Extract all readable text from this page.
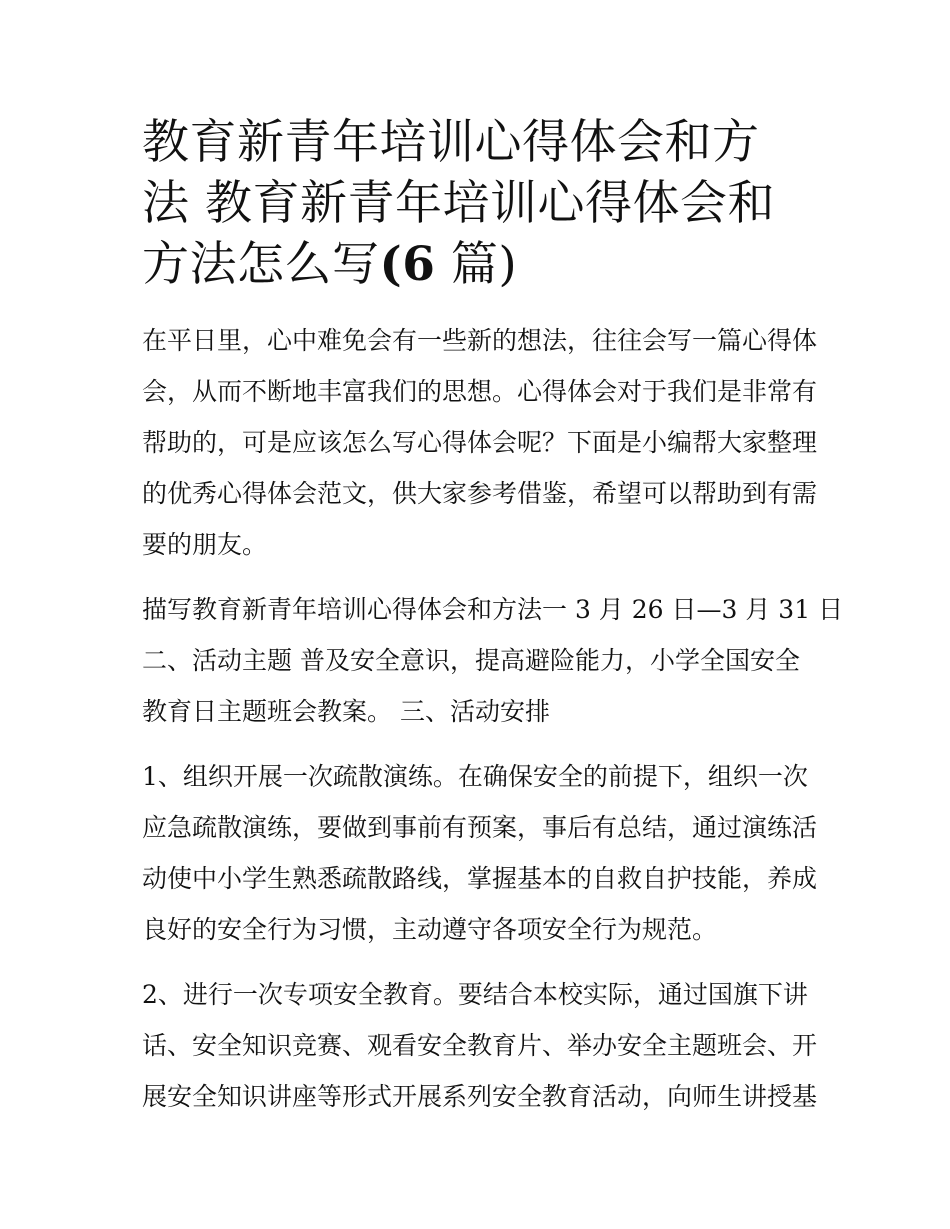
教育新青年培训心得体会和方
法 教育新青年培训心得体会和
方法怎么写(6 篇)

在平日里，心中难免会有一些新的想法，往往会写一篇心得体
会，从而不断地丰富我们的思想。心得体会对于我们是非常有
帮助的，可是应该怎么写心得体会呢？下面是小编帮大家整理
的优秀心得体会范文，供大家参考借鉴，希望可以帮助到有需
要的朋友。

描写教育新青年培训心得体会和方法一 3 月 26 日—3 月 31 日
二、活动主题 普及安全意识，提高避险能力，小学全国安全
教育日主题班会教案。 三、活动安排

1、组织开展一次疏散演练。在确保安全的前提下，组织一次
应急疏散演练，要做到事前有预案，事后有总结，通过演练活
动使中小学生熟悉疏散路线，掌握基本的自救自护技能，养成
良好的安全行为习惯，主动遵守各项安全行为规范。

2、进行一次专项安全教育。要结合本校实际，通过国旗下讲
话、安全知识竞赛、观看安全教育片、举办安全主题班会、开
展安全知识讲座等形式开展系列安全教育活动，向师生讲授基
